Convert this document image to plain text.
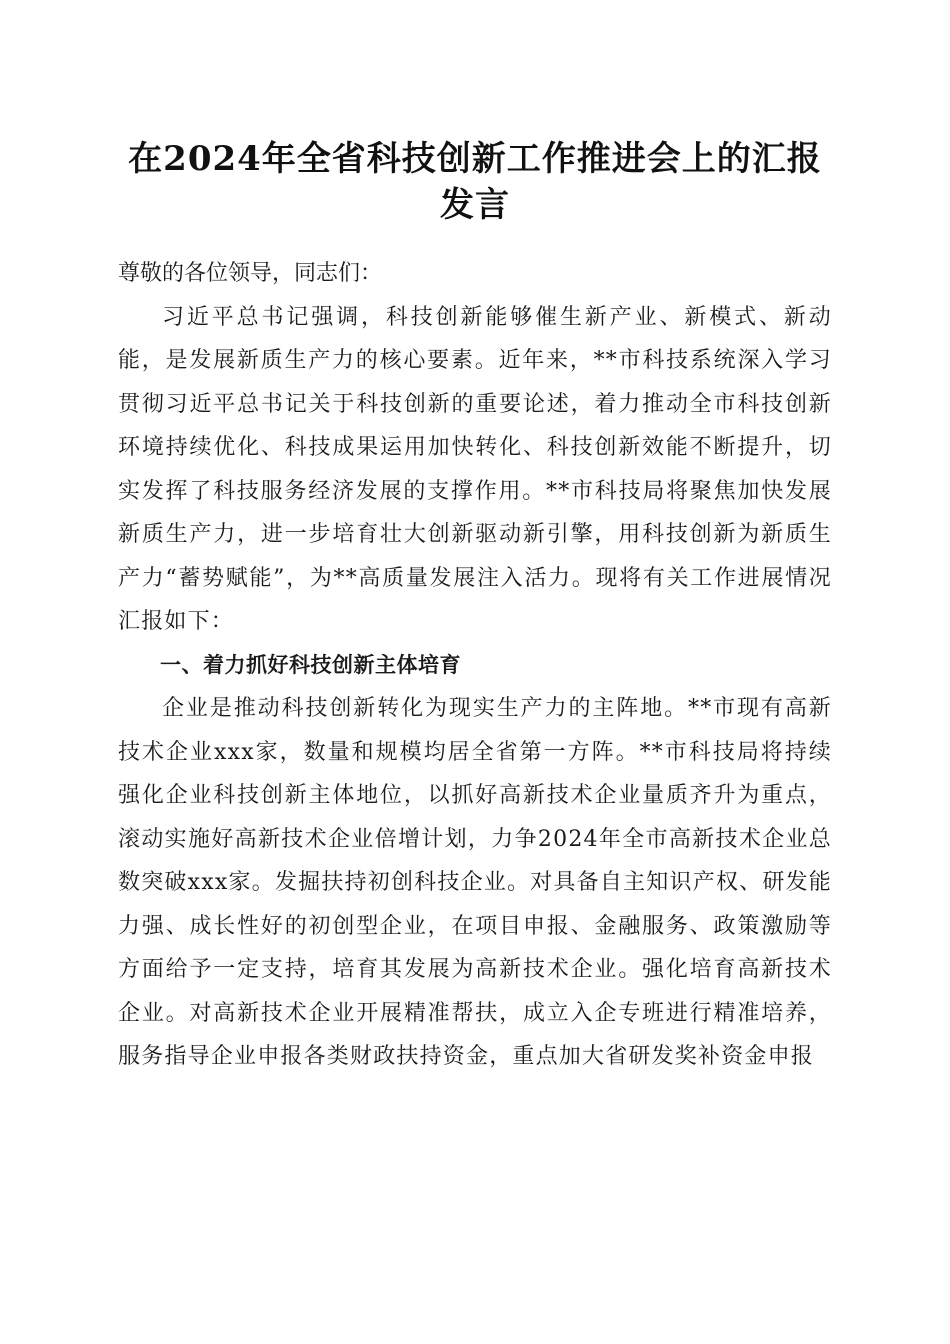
在2024年全省科技创新工作推进会上的汇报
发言

尊敬的各位领导，同志们：

习近平总书记强调，科技创新能够催生新产业、新模式、新动能，是发展新质生产力的核心要素。近年来，**市科技系统深入学习贯彻习近平总书记关于科技创新的重要论述，着力推动全市科技创新环境持续优化、科技成果运用加快转化、科技创新效能不断提升，切实发挥了科技服务经济发展的支撑作用。**市科技局将聚焦加快发展新质生产力，进一步培育壮大创新驱动新引擎，用科技创新为新质生产力“蓄势赋能”，为**高质量发展注入活力。现将有关工作进展情况汇报如下：

一、着力抓好科技创新主体培育

企业是推动科技创新转化为现实生产力的主阵地。**市现有高新技术企业xxx家，数量和规模均居全省第一方阵。**市科技局将持续强化企业科技创新主体地位，以抓好高新技术企业量质齐升为重点，滚动实施好高新技术企业倍增计划，力争2024年全市高新技术企业总数突破xxx家。发掘扶持初创科技企业。对具备自主知识产权、研发能力强、成长性好的初创型企业，在项目申报、金融服务、政策激励等方面给予一定支持，培育其发展为高新技术企业。强化培育高新技术企业。对高新技术企业开展精准帮扶，成立入企专班进行精准培养，服务指导企业申报各类财政扶持资金，重点加大省研发奖补资金申报
